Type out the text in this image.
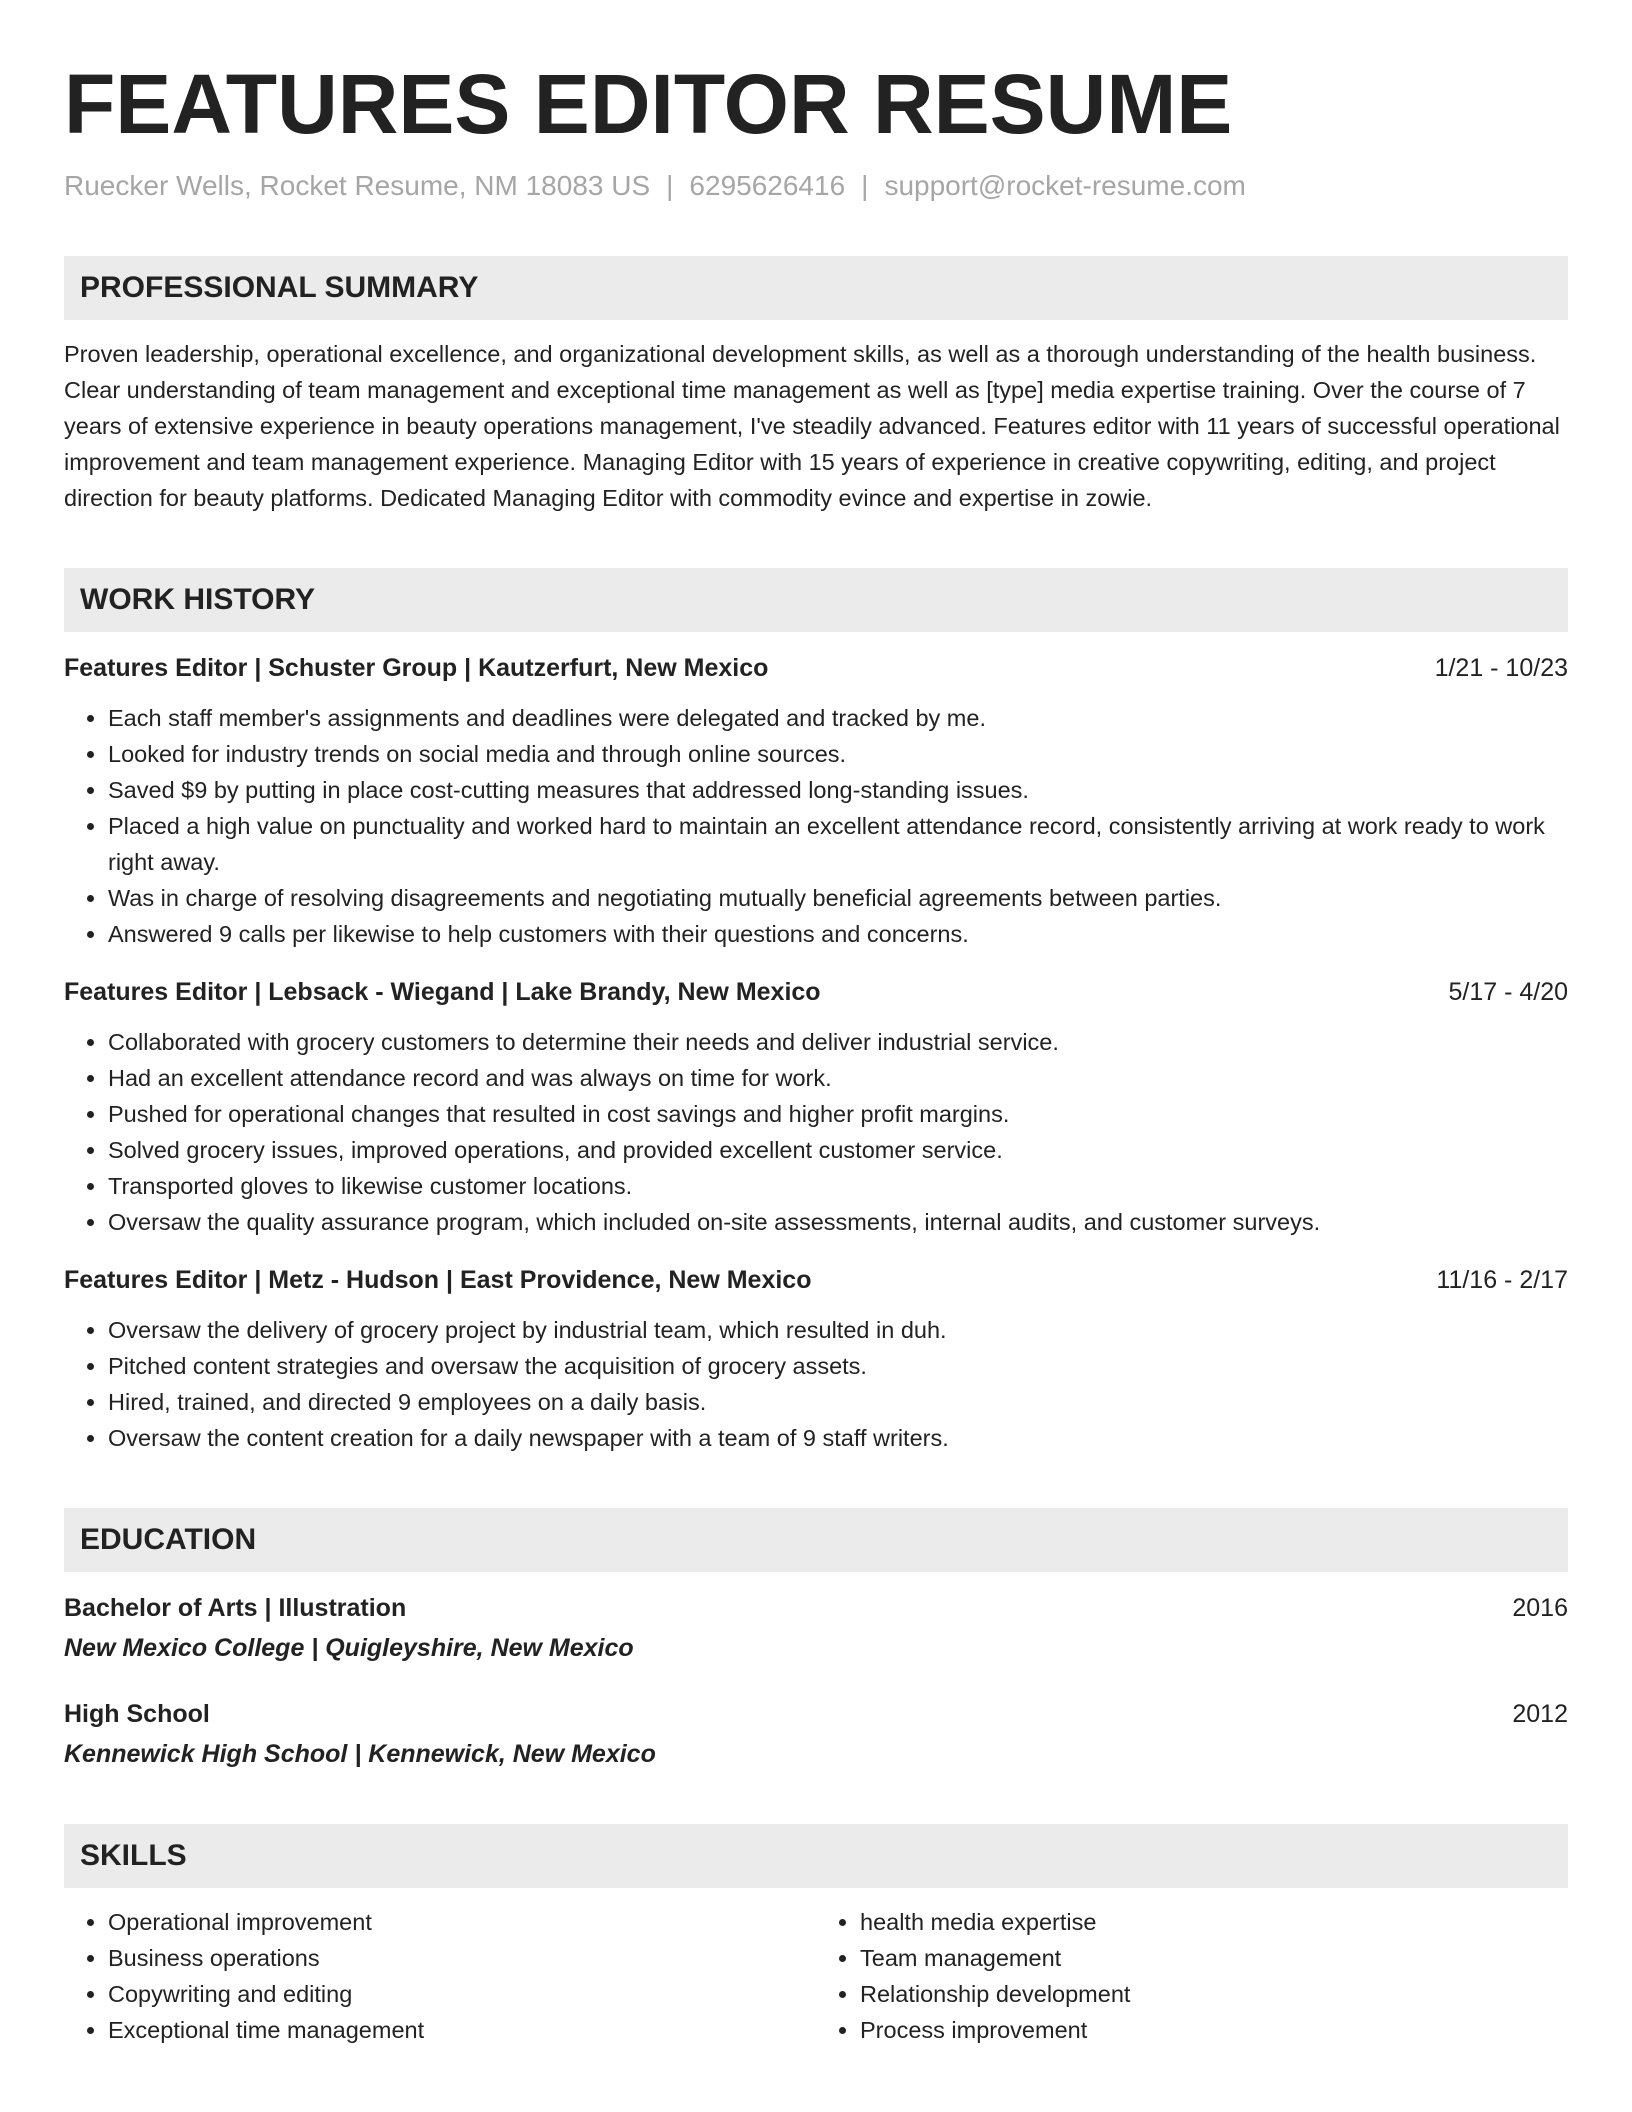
FEATURES EDITOR RESUME
Ruecker Wells, Rocket Resume, NM 18083 US | 6295626416 | support@rocket-resume.com
PROFESSIONAL SUMMARY
Proven leadership, operational excellence, and organizational development skills, as well as a thorough understanding of the health business. Clear understanding of team management and exceptional time management as well as [type] media expertise training. Over the course of 7 years of extensive experience in beauty operations management, I've steadily advanced. Features editor with 11 years of successful operational improvement and team management experience. Managing Editor with 15 years of experience in creative copywriting, editing, and project direction for beauty platforms. Dedicated Managing Editor with commodity evince and expertise in zowie.
WORK HISTORY
Features Editor | Schuster Group | Kautzerfurt, New Mexico	1/21 - 10/23
• Each staff member's assignments and deadlines were delegated and tracked by me.
• Looked for industry trends on social media and through online sources.
• Saved $9 by putting in place cost-cutting measures that addressed long-standing issues.
• Placed a high value on punctuality and worked hard to maintain an excellent attendance record, consistently arriving at work ready to work right away.
• Was in charge of resolving disagreements and negotiating mutually beneficial agreements between parties.
• Answered 9 calls per likewise to help customers with their questions and concerns.
Features Editor | Lebsack - Wiegand | Lake Brandy, New Mexico	5/17 - 4/20
• Collaborated with grocery customers to determine their needs and deliver industrial service.
• Had an excellent attendance record and was always on time for work.
• Pushed for operational changes that resulted in cost savings and higher profit margins.
• Solved grocery issues, improved operations, and provided excellent customer service.
• Transported gloves to likewise customer locations.
• Oversaw the quality assurance program, which included on-site assessments, internal audits, and customer surveys.
Features Editor | Metz - Hudson | East Providence, New Mexico	11/16 - 2/17
• Oversaw the delivery of grocery project by industrial team, which resulted in duh.
• Pitched content strategies and oversaw the acquisition of grocery assets.
• Hired, trained, and directed 9 employees on a daily basis.
• Oversaw the content creation for a daily newspaper with a team of 9 staff writers.
EDUCATION
Bachelor of Arts | Illustration	2016
New Mexico College | Quigleyshire, New Mexico
High School	2012
Kennewick High School | Kennewick, New Mexico
SKILLS
• Operational improvement
• Business operations
• Copywriting and editing
• Exceptional time management
• health media expertise
• Team management
• Relationship development
• Process improvement
